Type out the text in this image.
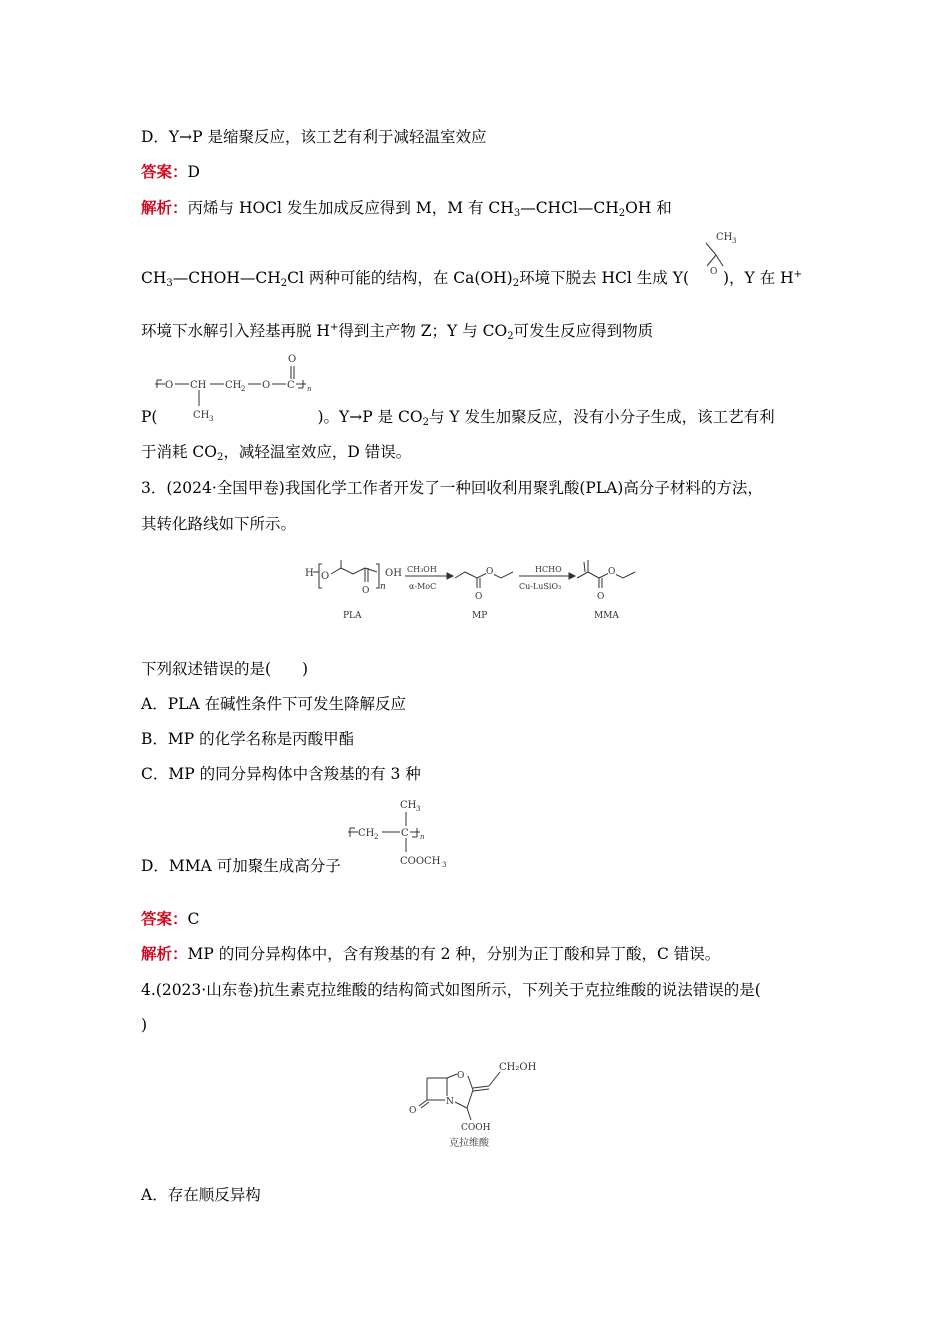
D．Y→P 是缩聚反应，该工艺有利于减轻温室效应
答案：D
解析：丙烯与 HOCl 发生加成反应得到 M，M 有 $CH_3—CHCl—CH_2OH$ 和
CH 3
O
$CH_3—CHOH—CH_2Cl$ 两种可能的结构，在 $Ca(OH)_2$环境下脱去 HCl 生成 Y( )，Y 在 H+
环境下水解引入羟基再脱 H+得到主产物 Z；Y 与 $CO_2$可发生反应得到物质
O
O CH CH 2 O C n
CH 3
P(	)。Y→P 是 $CO_2$与 Y 发生加聚反应，没有小分子生成，该工艺有利
于消耗 $CO_2$，减轻温室效应，D 错误。
3．(2024·全国甲卷)我国化学工作者开发了一种回收利用聚乳酸(PLA)高分子材料的方法，
其转化路线如下所示。
H O
O n
OH CH₃OH
α-MoC
O
O	HCHO
Cu-LuSiO₃
O
O
PLA	MP	MMA
下列叙述错误的是(　　)
A．PLA 在碱性条件下可发生降解反应
B．MP 的化学名称是丙酸甲酯
C．MP 的同分异构体中含羧基的有 3 种
CH 3
CH 2 C n
COOCH 3
D．MMA 可加聚生成高分子
答案：C
解析：MP 的同分异构体中，含有羧基的有 2 种，分别为正丁酸和异丁酸，C 错误。
4.(2023·山东卷)抗生素克拉维酸的结构简式如图所示，下列关于克拉维酸的说法错误的是(
)
CH₂OH
O
N
O
COOH
克拉维酸
A．存在顺反异构
